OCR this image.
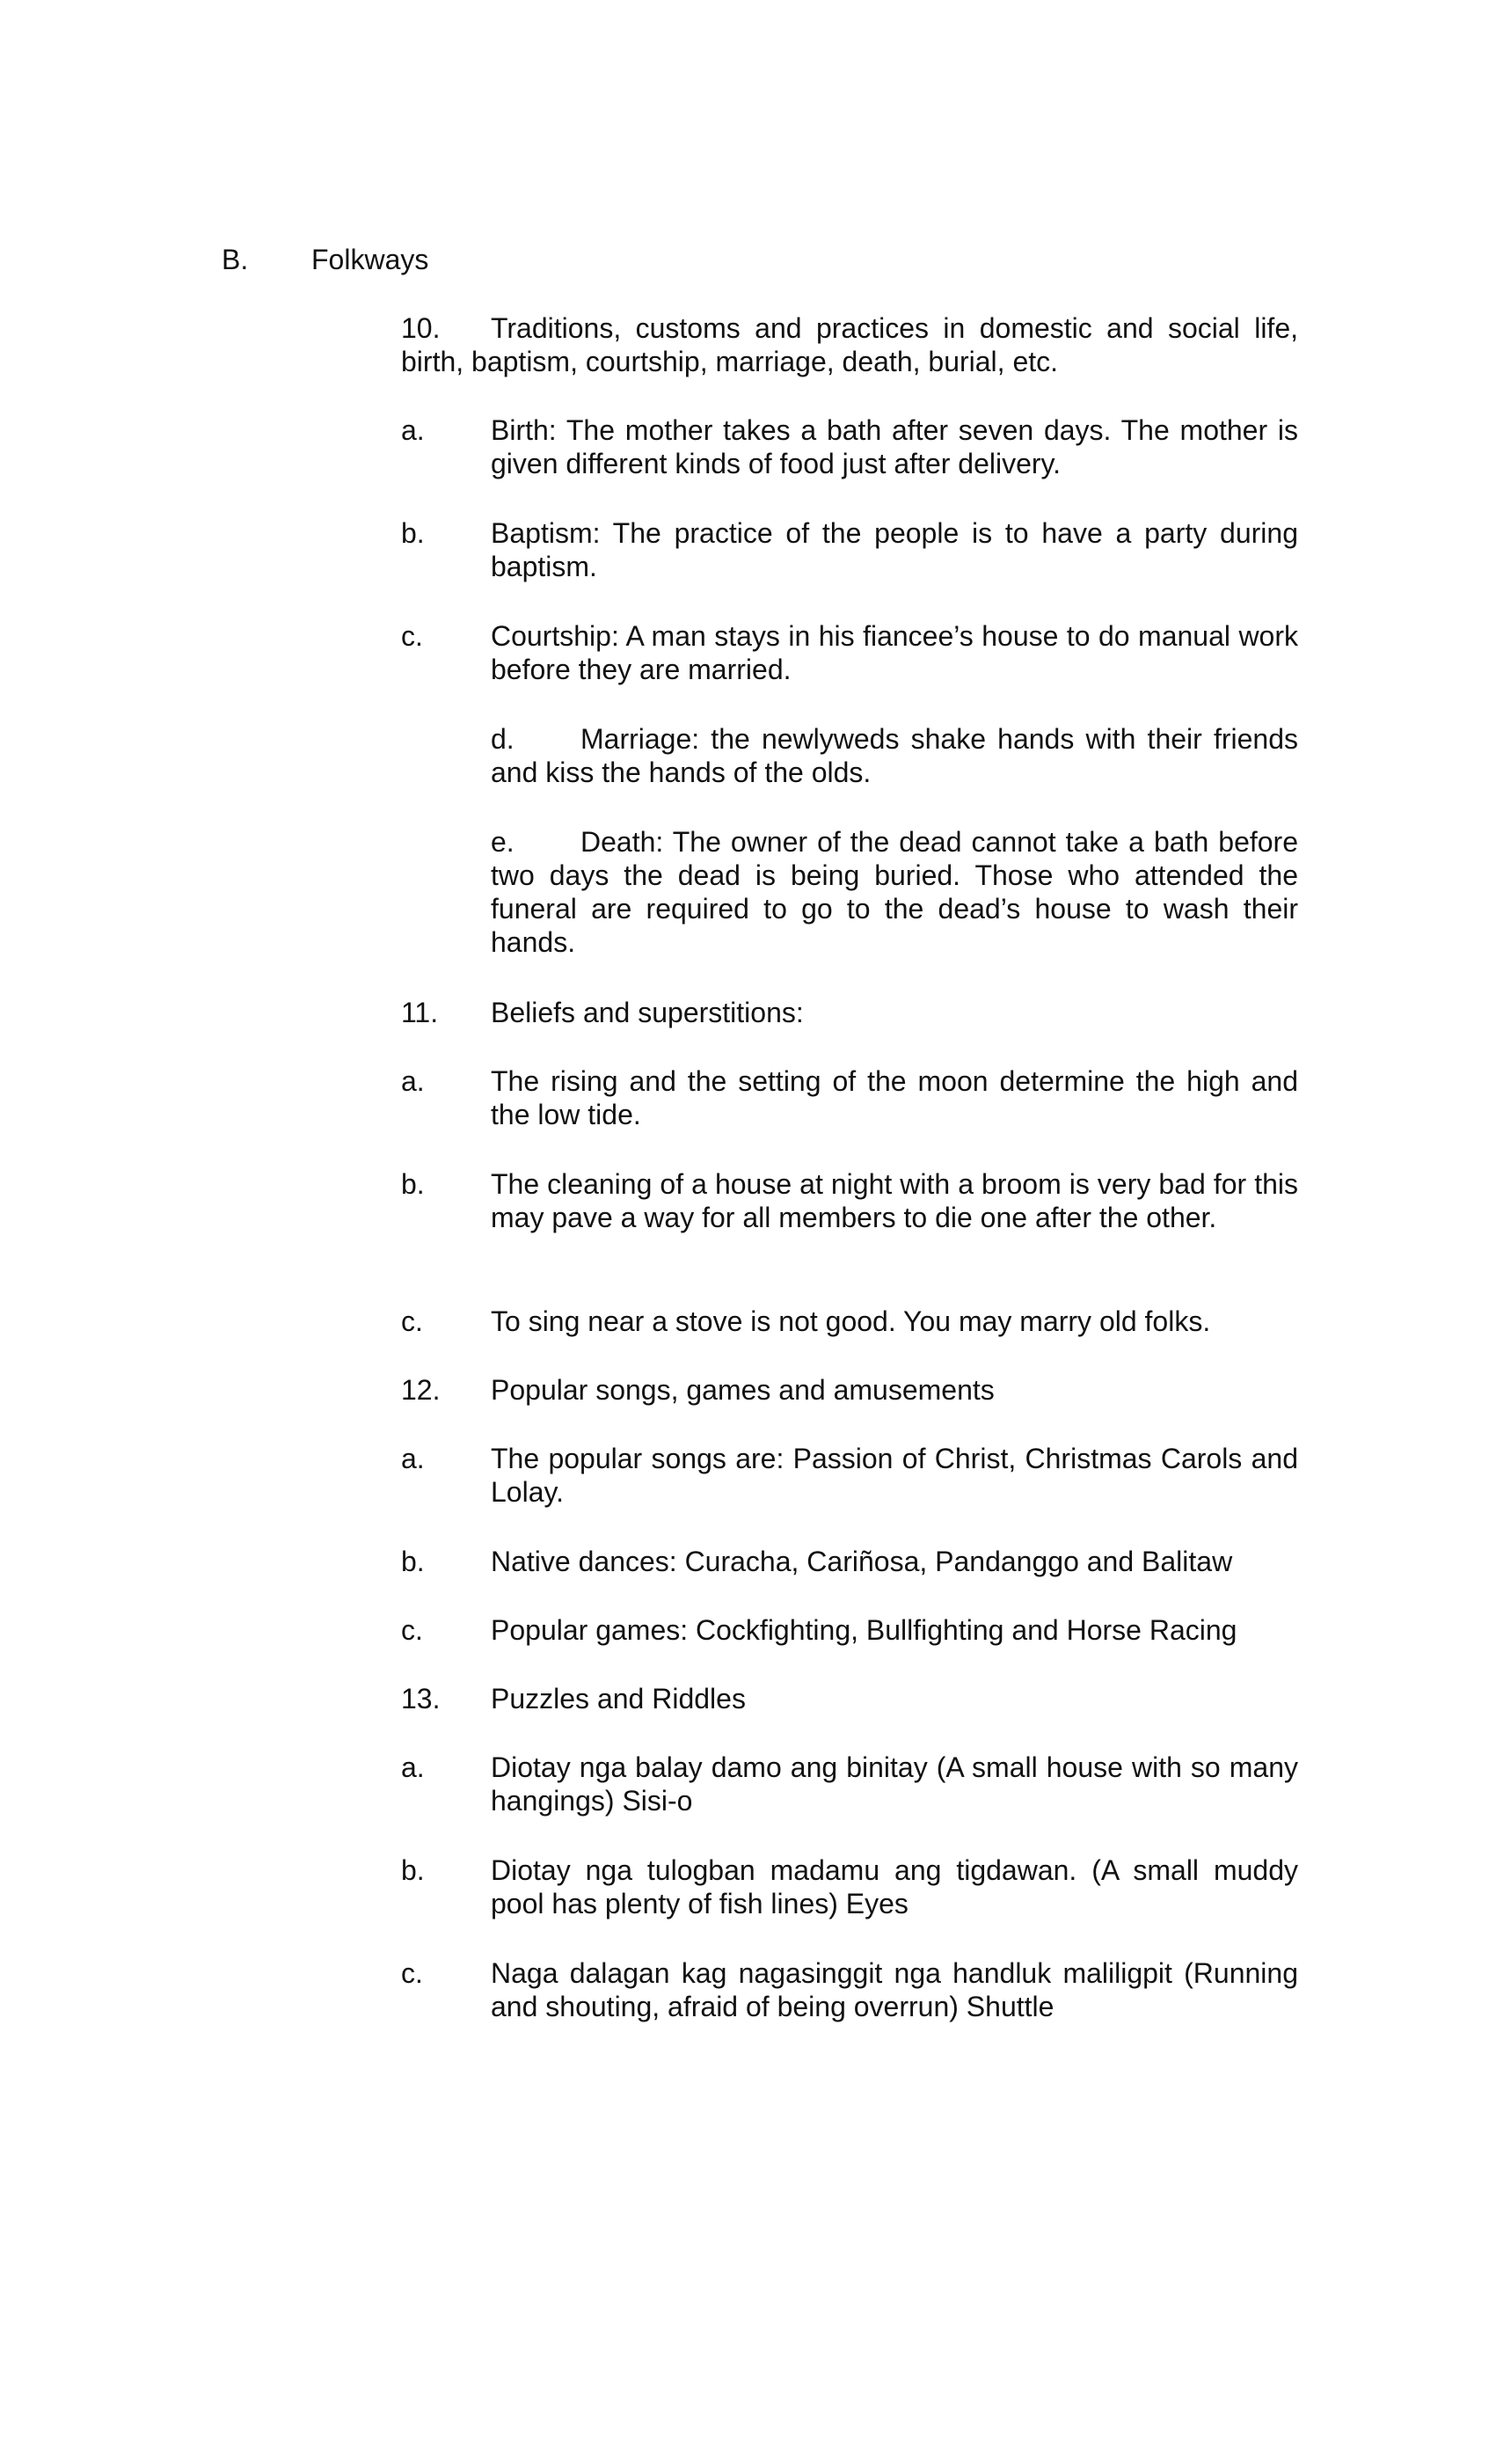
B. Folkways
10. Traditions, customs and practices in domestic and social life, birth, baptism, courtship, marriage, death, burial, etc.
a. Birth: The mother takes a bath after seven days. The mother is given different kinds of food just after delivery.
b. Baptism: The practice of the people is to have a party during baptism.
c. Courtship: A man stays in his fiancee’s house to do manual work before they are married.
d. Marriage: the newlyweds shake hands with their friends and kiss the hands of the olds.
e. Death: The owner of the dead cannot take a bath before two days the dead is being buried. Those who attended the funeral are required to go to the dead’s house to wash their hands.
11. Beliefs and superstitions:
a. The rising and the setting of the moon determine the high and the low tide.
b. The cleaning of a house at night with a broom is very bad for this may pave a way for all members to die one after the other.
c. To sing near a stove is not good. You may marry old folks.
12. Popular songs, games and amusements
a. The popular songs are: Passion of Christ, Christmas Carols and Lolay.
b. Native dances: Curacha, Cariñosa, Pandanggo and Balitaw
c. Popular games: Cockfighting, Bullfighting and Horse Racing
13. Puzzles and Riddles
a. Diotay nga balay damo ang binitay (A small house with so many hangings) Sisi-o
b. Diotay nga tulogban madamu ang tigdawan. (A small muddy pool has plenty of fish lines) Eyes
c. Naga dalagan kag nagasinggit nga handluk maliligpit (Running and shouting, afraid of being overrun) Shuttle
